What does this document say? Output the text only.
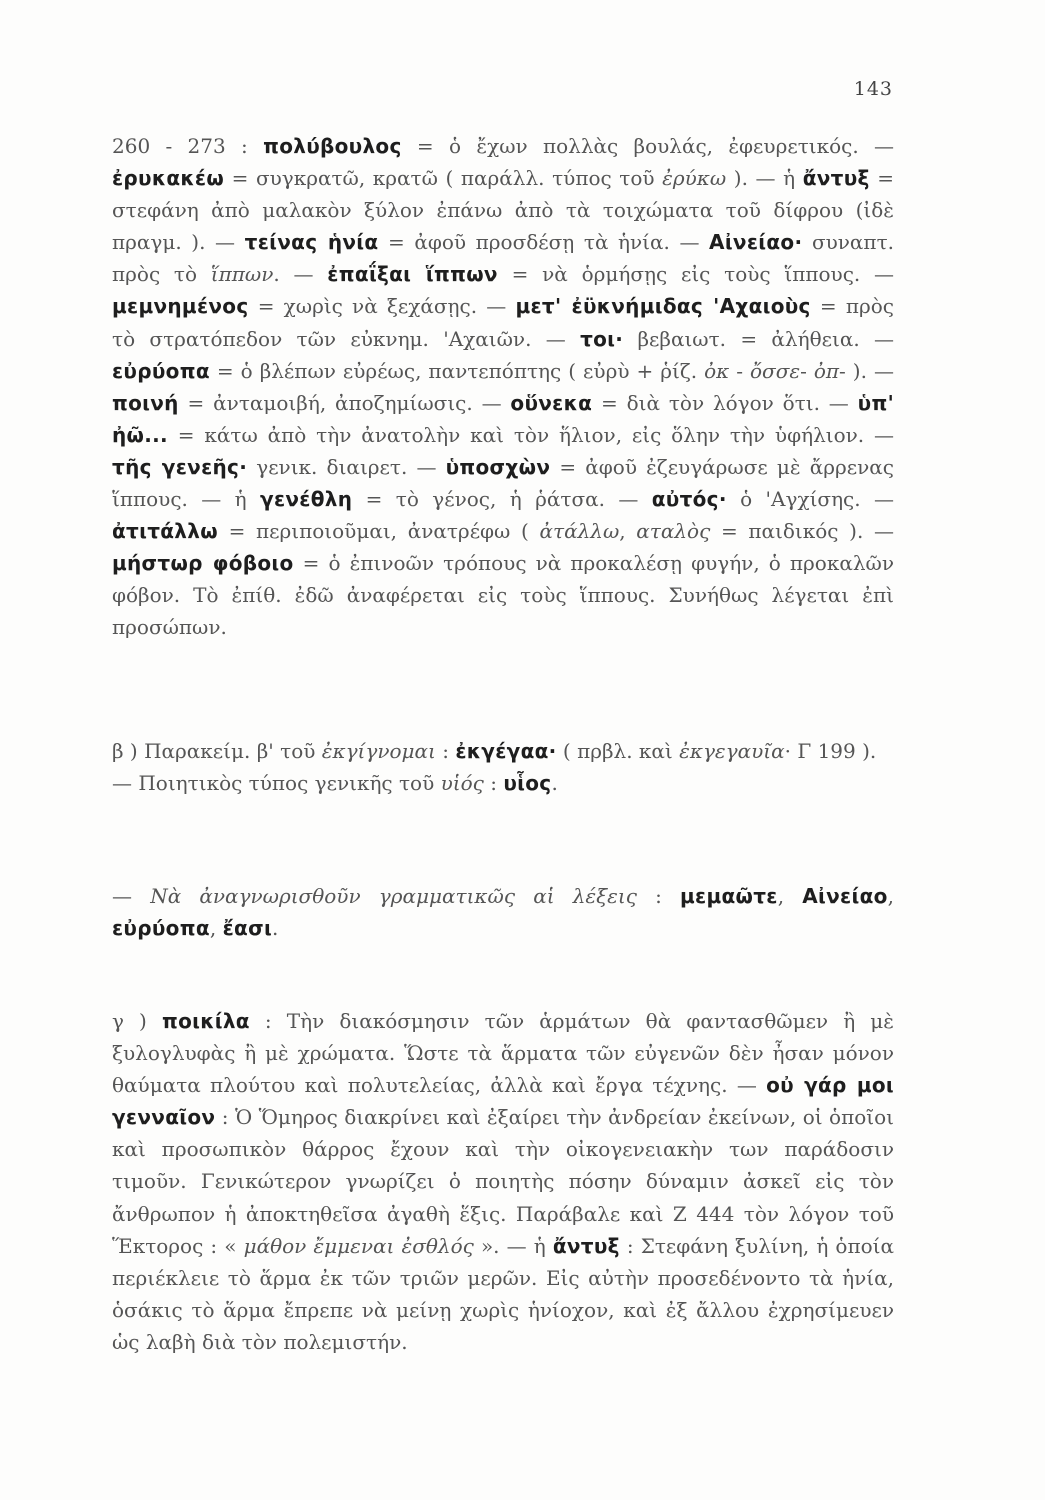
143
260 - 273 : πολύβουλος = ὁ ἔχων πολλὰς βουλάς, ἐφευρετικός. — ἐρυκακέω = συγκρατῶ, κρατῶ ( παράλλ. τύπος τοῦ ἐρύκω ). — ἡ ἄντυξ = στεφάνη ἀπὸ μαλακὸν ξύλον ἐπάνω ἀπὸ τὰ τοιχώματα τοῦ δίφρου (ἰδὲ πραγμ. ). — τείνας ἡνία = ἀφοῦ προσδέσῃ τὰ ἡνία. — Αἰνείαο· συναπτ. πρὸς τὸ ἵππων. — ἐπαΐξαι ἵππων = νὰ ὁρμήσῃς εἰς τοὺς ἵππους. — μεμνημένος = χωρὶς νὰ ξεχάσῃς. — μετ' ἐϋκνήμιδας 'Αχαιοὺς = πρὸς τὸ στρατόπεδον τῶν εὐκνημ. 'Αχαιῶν. — τοι· βεβαιωτ. = ἀλήθεια. — εὐρύοπα = ὁ βλέπων εὐρέως, παντεπόπτης ( εὐρὺ + ῥίζ. ὀκ - ὄσσε- ὀπ- ). — ποινή = ἀνταμοιβή, ἀποζημίωσις. — οὕνεκα = διὰ τὸν λόγον ὅτι. — ὑπ' ἠῶ... = κάτω ἀπὸ τὴν ἀνατολὴν καὶ τὸν ἥλιον, εἰς ὅλην τὴν ὑφήλιον. — τῆς γενεῆς· γενικ. διαιρετ. — ὑποσχὼν = ἀφοῦ ἐζευγάρωσε μὲ ἄρρενας ἵππους. — ἡ γενέθλη = τὸ γένος, ἡ ῥάτσα. — αὐτός· ὁ 'Αγχίσης. — ἀτιτάλλω = περιποιοῦμαι, ἀνατρέφω ( ἀτάλλω, αταλὸς = παιδικός ). — μήστωρ φόβοιο = ὁ ἐπινοῶν τρόπους νὰ προκαλέσῃ φυγήν, ὁ προκαλῶν φόβον. Τὸ ἐπίθ. ἐδῶ ἀναφέρεται εἰς τοὺς ἵππους. Συνήθως λέγεται ἐπὶ προσώπων.
β ) Παρακείμ. β' τοῦ ἐκγίγνομαι : ἐκγέγαα· ( πρβλ. καὶ ἐκγεγαυῖα· Γ 199 ).
— Ποιητικὸς τύπος γενικῆς τοῦ υἱός : υἷος.
— Νὰ ἀναγνωρισθοῦν γραμματικῶς αἱ λέξεις : μεμαῶτε, Αἰνείαο, εὐρύοπα, ἔασι.
γ ) ποικίλα : Τὴν διακόσμησιν τῶν ἁρμάτων θὰ φαντασθῶμεν ἢ μὲ ξυλογλυφὰς ἢ μὲ χρώματα. Ὥστε τὰ ἅρματα τῶν εὐγενῶν δὲν ἦσαν μόνον θαύματα πλούτου καὶ πολυτελείας, ἀλλὰ καὶ ἔργα τέχνης. — οὐ γάρ μοι γενναῖον : Ὁ Ὅμηρος διακρίνει καὶ ἐξαίρει τὴν ἀνδρείαν ἐκείνων, οἱ ὁποῖοι καὶ προσωπικὸν θάρρος ἔχουν καὶ τὴν οἰκογενειακὴν των παράδοσιν τιμοῦν. Γενικώτερον γνωρίζει ὁ ποιητὴς πόσην δύναμιν ἀσκεῖ εἰς τὸν ἄνθρωπον ἡ ἀποκτηθεῖσα ἀγαθὴ ἕξις. Παράβαλε καὶ Ζ 444 τὸν λόγον τοῦ Ἕκτορος : « μάθον ἔμμεναι ἐσθλός ». — ἡ ἄντυξ : Στεφάνη ξυλίνη, ἡ ὁποία περιέκλειε τὸ ἅρμα ἐκ τῶν τριῶν μερῶν. Εἰς αὐτὴν προσεδένοντο τὰ ἡνία, ὁσάκις τὸ ἅρμα ἔπρεπε νὰ μείνῃ χωρὶς ἡνίοχον, καὶ ἐξ ἄλλου ἐχρησίμευεν ὡς λαβὴ διὰ τὸν πολεμιστήν.
